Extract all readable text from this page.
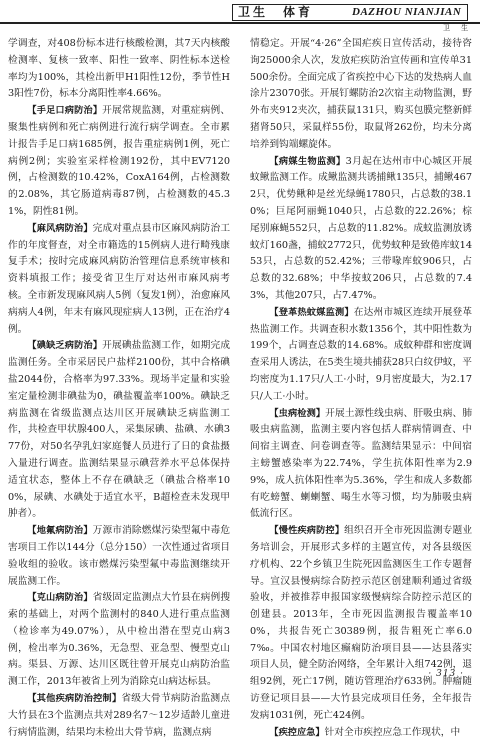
卫生　体育	DAZHOU NIANJIAN
卫　生

学调查，对408份标本进行核酸检测，其7天内核酸检测率、复核一致率、阳性一致率、阴性标本送检率均为100%，其检出新甲H1阳性12份，季节性H3阳性7份，标本分离阳性率4.66%。

【手足口病防治】开展常规监测，对重症病例、聚集性病例和死亡病例进行流行病学调查。全市累计报告手足口病1685例，报告重症病例1例，死亡病例2例；实验室采样检测192份，其中EV7120例，占检测数的10.42%，CoxA164例，占检测数的2.08%，其它肠道病毒87例，占检测数的45.31%，阴性81例。

【麻风病防治】完成对重点县市区麻风病防治工作的年度督查，对全市籍选的15例病人进行畸残康复手术；按时完成麻风病防治管理信息系统审核和资料填报工作；接受省卫生厅对达州市麻风病考核。全市新发现麻风病人5例（复发1例），治愈麻风病病人4例，年末有麻风现症病人13例，正在治疗4例。

【碘缺乏病防治】开展碘盐监测工作，如期完成监测任务。全市采居民户盐样2100份，其中合格碘盐2044份，合格率为97.33%。现场半定量和实验室定量检测非碘盐为0，碘盐覆盖率100%。碘缺乏病监测在省级监测点达川区开展碘缺乏病监测工作，共检查甲状腺400人，采集尿碘、盐碘、水碘377份，对50名孕乳妇家庭餐人员进行了日的食盐摄入量进行调查。监测结果显示碘营养水平总体保持适宜状态，整体上不存在碘缺乏（碘盐合格率100%，尿碘、水碘处于适宜水平，B超检查未发现甲肿者）。

【地氟病防治】万源市消除燃煤污染型氟中毒危害项目工作以144分（总分150）一次性通过省项目验收组的验收。该市燃煤污染型氟中毒监测继续开展监测工作。

【克山病防治】省级固定监测点大竹县在病例搜索的基础上，对两个监测村的840人进行重点监测（检诊率为49.07%），从中检出潜在型克山病3例，检出率为0.36%，无急型、亚急型、慢型克山病。渠县、万源、达川区既往曾开展克山病防治监测工作，2013年被省上列为消除克山病达标县。

【其他疾病防治控制】省级大骨节病防治监测点大竹县在3个监测点共对289名7～12岁适龄儿童进行病情监测，结果均未检出大骨节病，监测点病

情稳定。开展“4·26”全国疟疾日宣传活动，接待咨询25000余人次，发放疟疾防治宣传画和宣传单31500余份。全面完成了省疾控中心下达的发热病人血涂片23070张。开展钉螺防治2次宿主动物监测，野外布夹912夹次，捕获鼠131只，购买包膜完整新鲜猪肾50只，采鼠样55份，取鼠肾262份，均未分离培养到钩端螺旋体。

【病媒生物监测】3月起在达州市中心城区开展蚊鳅监测工作。成鳅监测共诱捕鳅135只，捕鳅4672只，优势鳅种是丝光绿蝇1780只，占总数的38.10%；巨尾阿丽蝇1040只，占总数的22.26%；棕尾别麻蝇552只，占总数的11.82%。成蚊监测放诱蚊灯160盏，捕蚊2772只，优势蚊种是致倦库蚊1453只，占总数的52.42%；三带喙库蚊906只，占总数的32.68%；中华按蚊206只，占总数的7.43%，其他207只，占7.47%。

【登革热蚊媒监测】在达州市城区连续开展登革热监测工作。共调查积水数1356个，其中阳性数为199个，占调查总数的14.68%。成蚊种群和密度调查采用人诱法，在5类生境共捕获28只白纹伊蚊，平均密度为1.17只/人工·小时，9月密度最大，为2.17只/人工·小时。

【虫病检测】开展土源性线虫病、肝吸虫病、肺吸虫病监测，监测主要内容包括人群病情调查、中间宿主调查、问卷调查等。监测结果显示：中间宿主螃蟹感染率为22.74%，学生抗体阳性率为2.99%，成人抗体阳性率为5.36%，学生和成人多数都有吃螃蟹、蝲蝲蟹、喝生水等习惯，均为肺吸虫病低流行区。

【慢性疾病防控】组织召开全市死因监测专题业务培训会，开展形式多样的主题宣传，对各县级医疗机构、22个乡镇卫生院死因监测医生工作专题督导。宣汉县慢病综合防控示范区创建顺利通过省级验收，并被推荐申报国家级慢病综合防控示范区的创建县。2013年，全市死因监测报告覆盖率100%，共报告死亡30389例，报告粗死亡率6.07‰。中国农村地区癫痫防治项目县——达县落实项目人员，健全防治网络，全年累计入组742例，退组92例，死亡17例，随访管理治疗633例。肿瘤随访登记项目县——大竹县完成项目任务，全年报告发病1031例，死亡424例。

【疾控应急】针对全市疾控应急工作现状，中

· 313 ·
